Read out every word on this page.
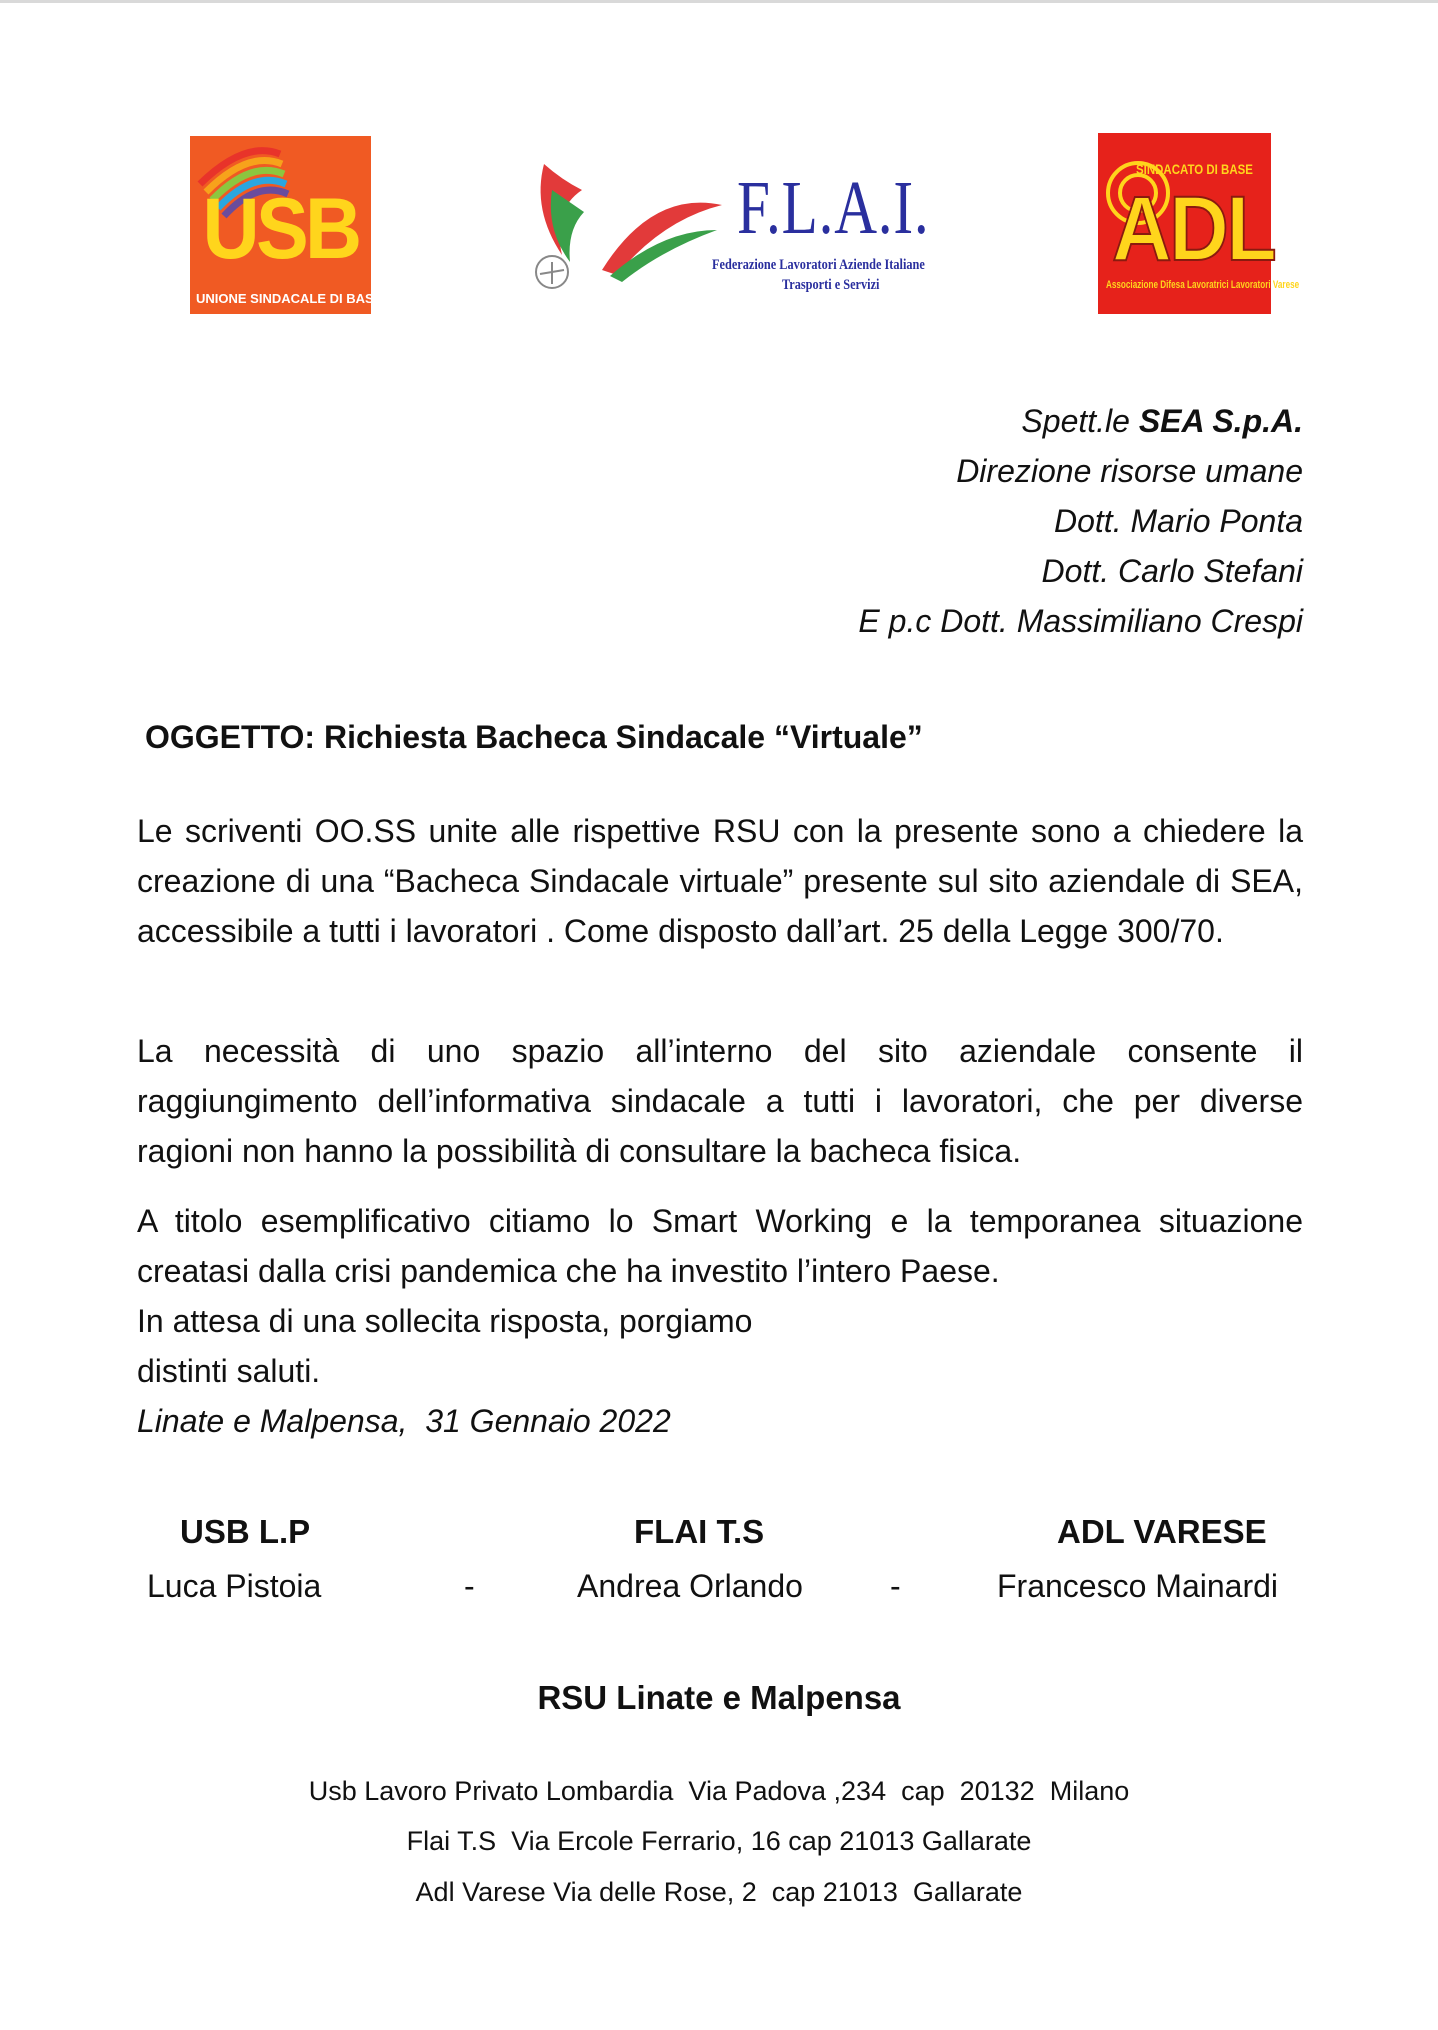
USB
UNIONE SINDACALE DI BASE
F.L.A.I.
Federazione Lavoratori Aziende Italiane
Trasporti e Servizi
SINDACATO DI BASE
ADL
Associazione Difesa Lavoratrici Lavoratori Varese
Spett.le SEA S.p.A.
Direzione risorse umane
Dott. Mario Ponta
Dott. Carlo Stefani
E p.c Dott. Massimiliano Crespi
OGGETTO: Richiesta Bacheca Sindacale “Virtuale”
Le scriventi OO.SS unite alle rispettive RSU con la presente sono a chiedere la creazione di una “Bacheca Sindacale virtuale” presente sul sito aziendale di SEA, accessibile a tutti i lavoratori . Come disposto dall’art. 25 della Legge 300/70.
La necessità di uno spazio all’interno del sito aziendale consente il raggiungimento dell’informativa sindacale a tutti i lavoratori, che per diverse ragioni non hanno la possibilità di consultare la bacheca fisica.
A titolo esemplificativo citiamo lo Smart Working e la temporanea situazione creatasi dalla crisi pandemica che ha investito l’intero Paese.
In attesa di una sollecita risposta, porgiamo
distinti saluti.
Linate e Malpensa,  31 Gennaio 2022
USB L.P	FLAI T.S	ADL VARESE
Luca Pistoia	-	Andrea Orlando	-	Francesco Mainardi
RSU Linate e Malpensa
Usb Lavoro Privato Lombardia  Via Padova ,234  cap  20132  Milano
Flai T.S  Via Ercole Ferrario, 16 cap 21013 Gallarate
Adl Varese Via delle Rose, 2  cap 21013  Gallarate
